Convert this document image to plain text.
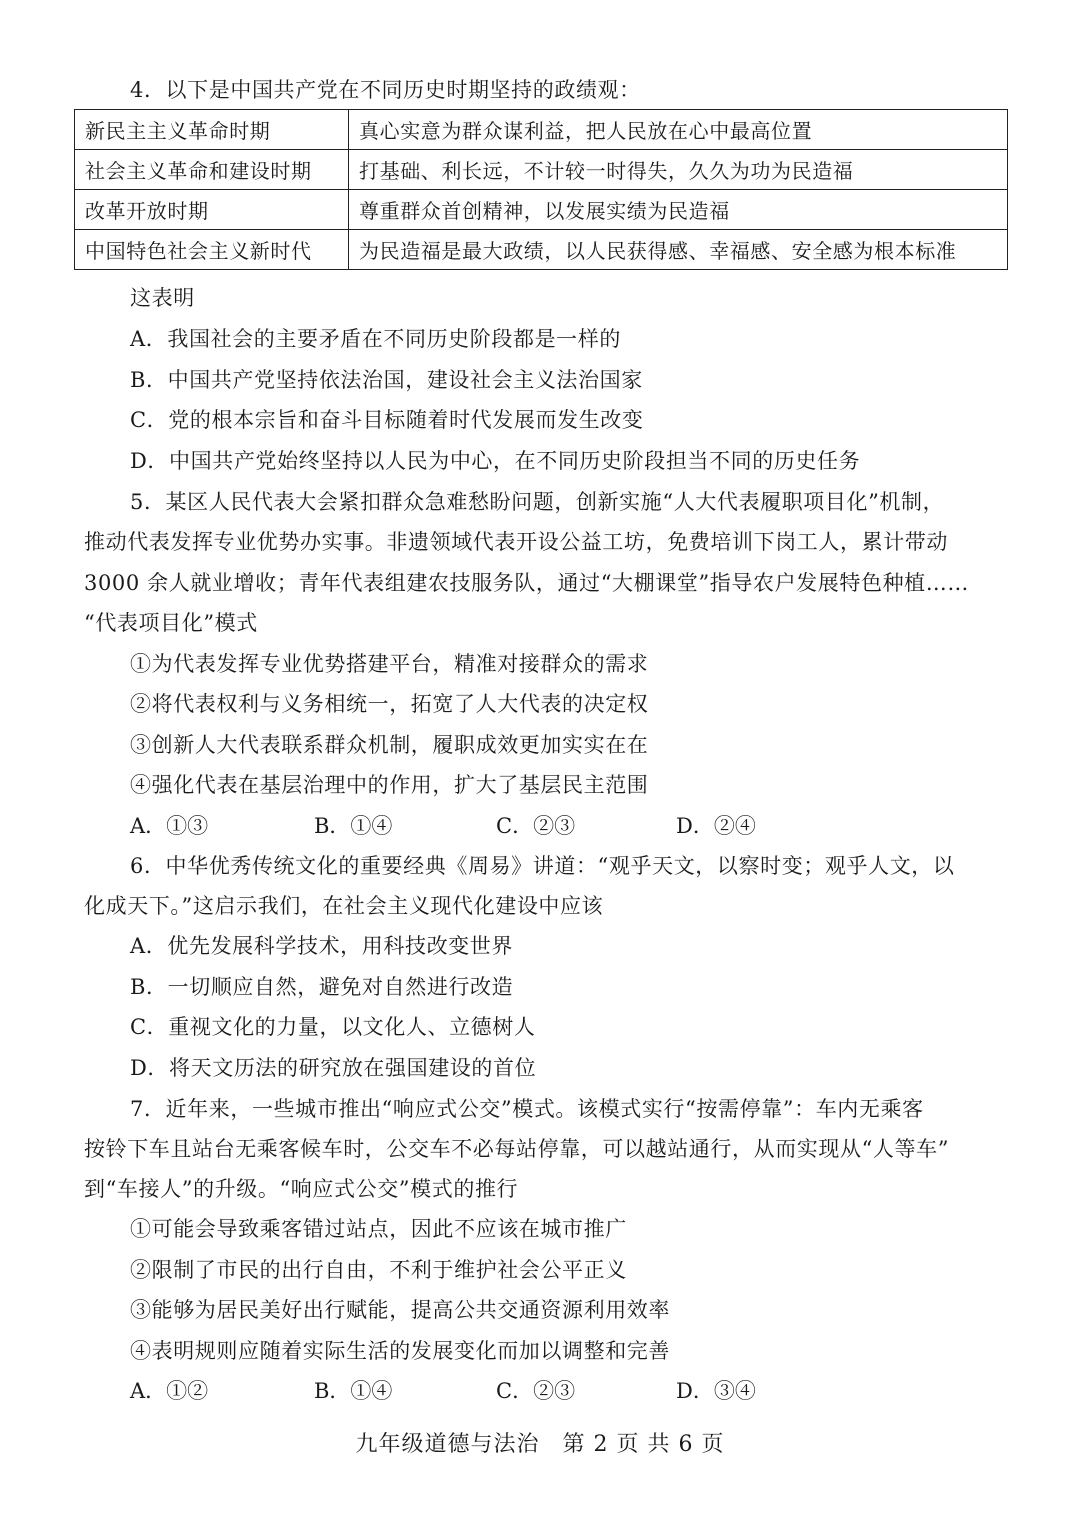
4．以下是中国共产党在不同历史时期坚持的政绩观：
新民主主义革命时期	真心实意为群众谋利益，把人民放在心中最高位置
社会主义革命和建设时期	打基础、利长远，不计较一时得失，久久为功为民造福
改革开放时期	尊重群众首创精神，以发展实绩为民造福
中国特色社会主义新时代	为民造福是最大政绩，以人民获得感、幸福感、安全感为根本标准
这表明
A．我国社会的主要矛盾在不同历史阶段都是一样的
B．中国共产党坚持依法治国，建设社会主义法治国家
C．党的根本宗旨和奋斗目标随着时代发展而发生改变
D．中国共产党始终坚持以人民为中心，在不同历史阶段担当不同的历史任务
5．某区人民代表大会紧扣群众急难愁盼问题，创新实施“人大代表履职项目化”机制，
推动代表发挥专业优势办实事。非遗领域代表开设公益工坊，免费培训下岗工人，累计带动
3000 余人就业增收；青年代表组建农技服务队，通过“大棚课堂”指导农户发展特色种植……
“代表项目化”模式
①为代表发挥专业优势搭建平台，精准对接群众的需求
②将代表权利与义务相统一，拓宽了人大代表的决定权
③创新人大代表联系群众机制，履职成效更加实实在在
④强化代表在基层治理中的作用，扩大了基层民主范围
A．①③	B．①④	C．②③	D．②④
6．中华优秀传统文化的重要经典《周易》讲道：“观乎天文，以察时变；观乎人文，以
化成天下。”这启示我们，在社会主义现代化建设中应该
A．优先发展科学技术，用科技改变世界
B．一切顺应自然，避免对自然进行改造
C．重视文化的力量，以文化人、立德树人
D．将天文历法的研究放在强国建设的首位
7．近年来，一些城市推出“响应式公交”模式。该模式实行“按需停靠”：车内无乘客
按铃下车且站台无乘客候车时，公交车不必每站停靠，可以越站通行，从而实现从“人等车”
到“车接人”的升级。“响应式公交”模式的推行
①可能会导致乘客错过站点，因此不应该在城市推广
②限制了市民的出行自由，不利于维护社会公平正义
③能够为居民美好出行赋能，提高公共交通资源利用效率
④表明规则应随着实际生活的发展变化而加以调整和完善
A．①②	B．①④	C．②③	D．③④
九年级道德与法治　第 2 页 共 6 页
